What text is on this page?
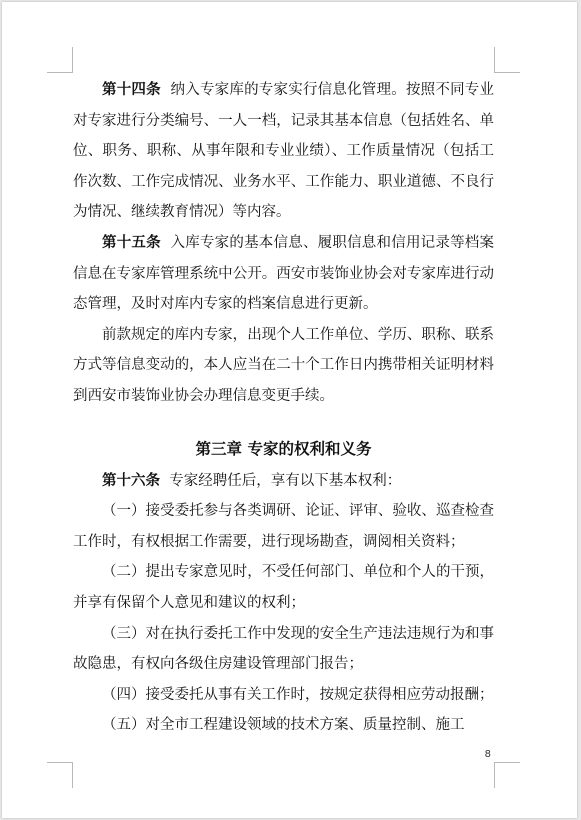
第十四条 纳入专家库的专家实行信息化管理。按照不同专业对专家进行分类编号、一人一档，记录其基本信息（包括姓名、单位、职务、职称、从事年限和专业业绩）、工作质量情况（包括工作次数、工作完成情况、业务水平、工作能力、职业道德、不良行为情况、继续教育情况）等内容。

第十五条 入库专家的基本信息、履职信息和信用记录等档案信息在专家库管理系统中公开。西安市装饰业协会对专家库进行动态管理，及时对库内专家的档案信息进行更新。

前款规定的库内专家，出现个人工作单位、学历、职称、联系方式等信息变动的，本人应当在二十个工作日内携带相关证明材料到西安市装饰业协会办理信息变更手续。

第三章 专家的权利和义务

第十六条 专家经聘任后，享有以下基本权利：

（一）接受委托参与各类调研、论证、评审、验收、巡查检查工作时，有权根据工作需要，进行现场勘查，调阅相关资料；

（二）提出专家意见时，不受任何部门、单位和个人的干预，并享有保留个人意见和建议的权利；

（三）对在执行委托工作中发现的安全生产违法违规行为和事故隐患，有权向各级住房建设管理部门报告；

（四）接受委托从事有关工作时，按规定获得相应劳动报酬；

（五）对全市工程建设领域的技术方案、质量控制、施工

8
